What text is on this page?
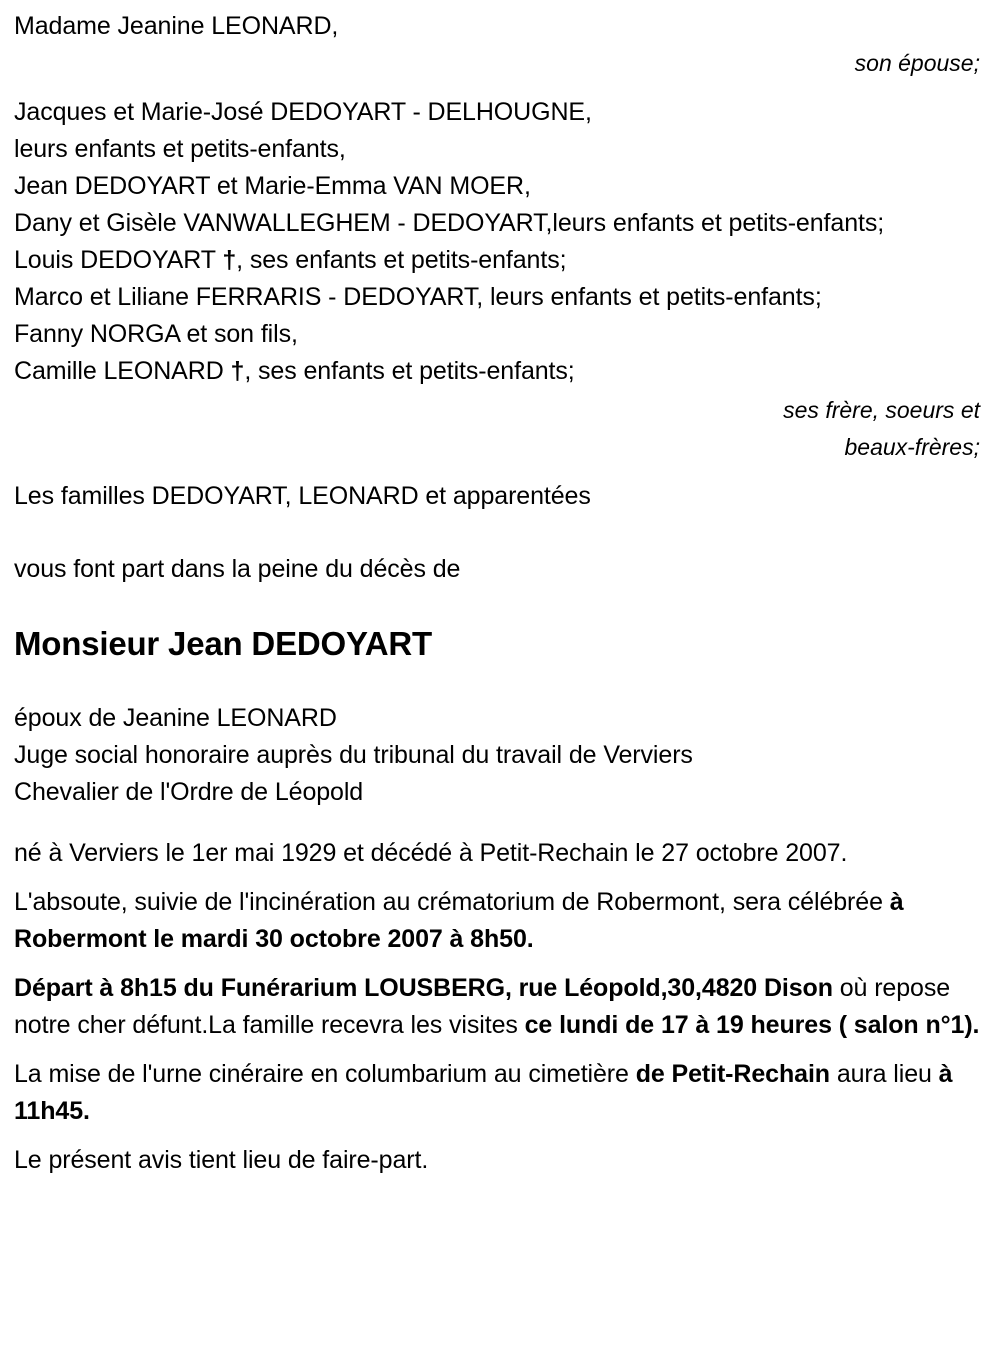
Madame Jeanine LEONARD,
son épouse;
Jacques et Marie-José DEDOYART - DELHOUGNE,
leurs enfants et petits-enfants,
Jean DEDOYART et Marie-Emma VAN MOER,
Dany et Gisèle VANWALLEGHEM - DEDOYART,leurs enfants et petits-enfants;
Louis DEDOYART †, ses enfants et petits-enfants;
Marco et Liliane FERRARIS - DEDOYART, leurs enfants et petits-enfants;
Fanny NORGA et son fils,
Camille LEONARD †, ses enfants et petits-enfants;
ses frère, soeurs et
beaux-frères;
Les familles DEDOYART, LEONARD et apparentées
vous font part dans la peine du décès de
Monsieur Jean DEDOYART
époux de Jeanine LEONARD
Juge social honoraire auprès du tribunal du travail de Verviers
Chevalier de l'Ordre de Léopold
né à Verviers le 1er mai 1929 et décédé à Petit-Rechain le 27 octobre 2007.
L'absoute, suivie de l'incinération au crématorium de Robermont, sera célébrée à Robermont le mardi 30 octobre 2007 à 8h50.
Départ à 8h15 du Funérarium LOUSBERG, rue Léopold,30,4820 Dison où repose notre cher défunt.La famille recevra les visites ce lundi de 17 à 19 heures ( salon n°1).
La mise de l'urne cinéraire en columbarium au cimetière de Petit-Rechain aura lieu à 11h45.
Le présent avis tient lieu de faire-part.
